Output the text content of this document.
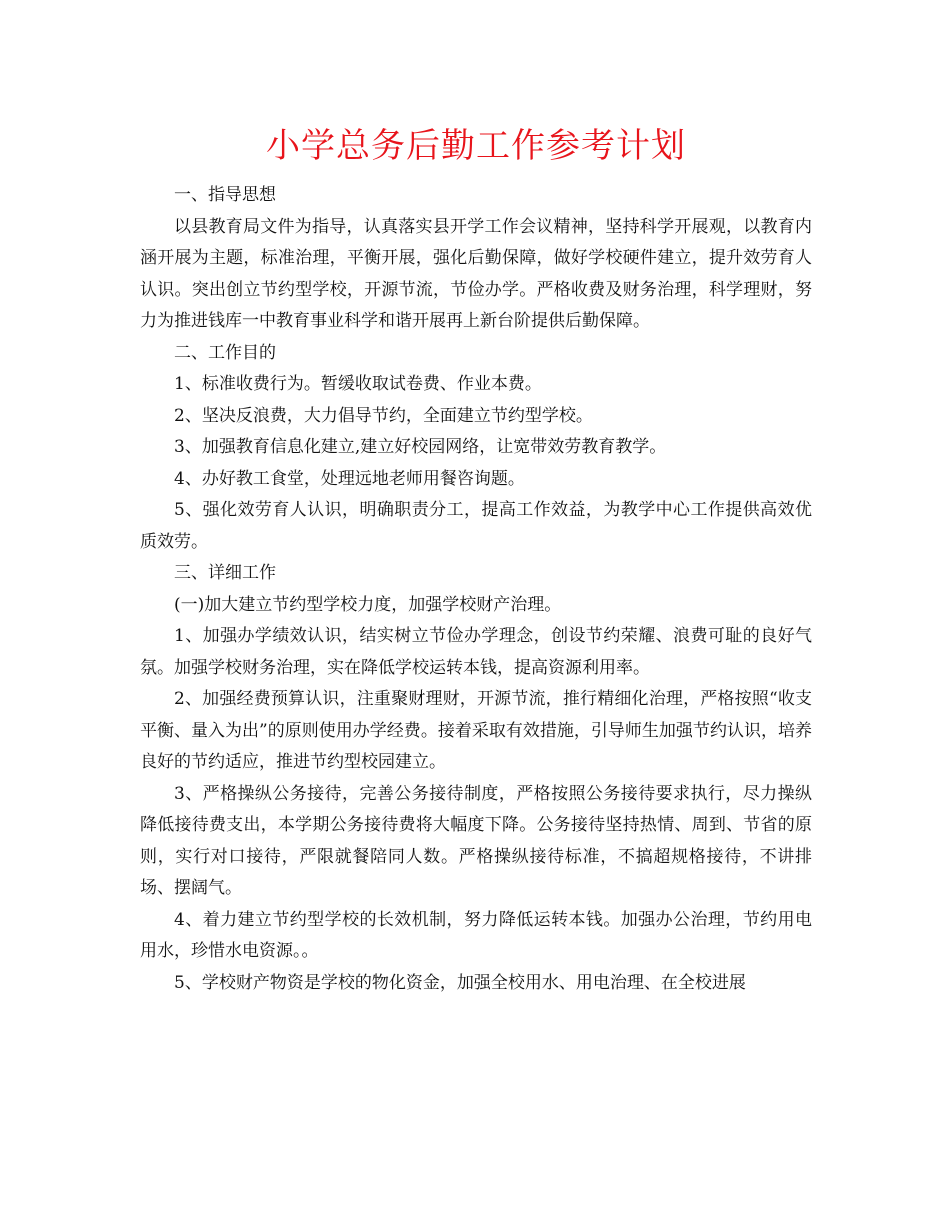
小学总务后勤工作参考计划

一、指导思想

以县教育局文件为指导，认真落实县开学工作会议精神，坚持科学开展观，以教育内涵开展为主题，标准治理，平衡开展，强化后勤保障，做好学校硬件建立，提升效劳育人认识。突出创立节约型学校，开源节流，节俭办学。严格收费及财务治理，科学理财，努力为推进钱库一中教育事业科学和谐开展再上新台阶提供后勤保障。

二、工作目的

1、标准收费行为。暂缓收取试卷费、作业本费。

2、坚决反浪费，大力倡导节约，全面建立节约型学校。

3、加强教育信息化建立,建立好校园网络，让宽带效劳教育教学。

4、办好教工食堂，处理远地老师用餐咨询题。

5、强化效劳育人认识，明确职责分工，提高工作效益，为教学中心工作提供高效优质效劳。

三、详细工作

(一)加大建立节约型学校力度，加强学校财产治理。

1、加强办学绩效认识，结实树立节俭办学理念，创设节约荣耀、浪费可耻的良好气氛。加强学校财务治理，实在降低学校运转本钱，提高资源利用率。

2、加强经费预算认识，注重聚财理财，开源节流，推行精细化治理，严格按照“收支平衡、量入为出”的原则使用办学经费。接着采取有效措施，引导师生加强节约认识，培养良好的节约适应，推进节约型校园建立。

3、严格操纵公务接待，完善公务接待制度，严格按照公务接待要求执行，尽力操纵降低接待费支出，本学期公务接待费将大幅度下降。公务接待坚持热情、周到、节省的原则，实行对口接待，严限就餐陪同人数。严格操纵接待标准，不搞超规格接待，不讲排场、摆阔气。

4、着力建立节约型学校的长效机制，努力降低运转本钱。加强办公治理，节约用电用水，珍惜水电资源。。

5、学校财产物资是学校的物化资金，加强全校用水、用电治理、在全校进展
